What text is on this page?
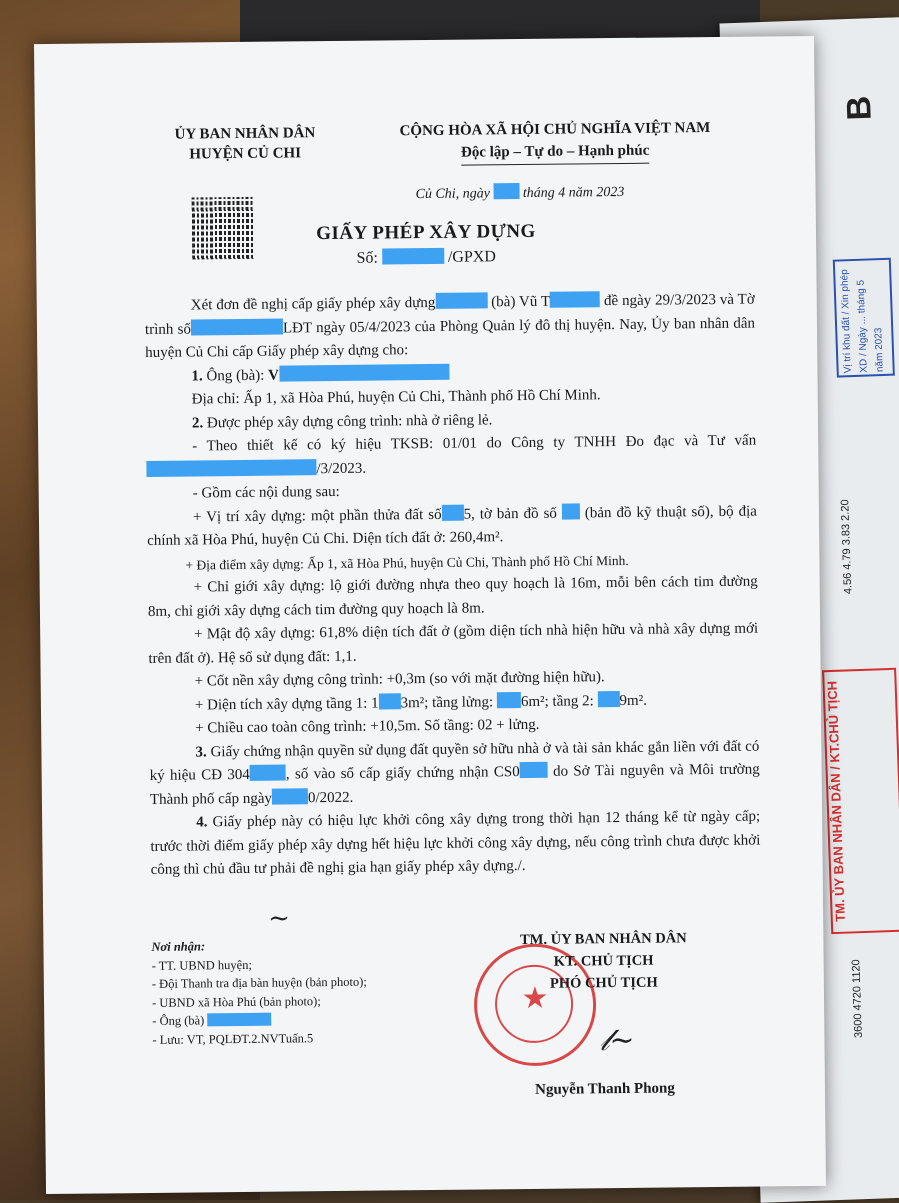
B
Vị trí khu đất / Xin phép XD / Ngày ... tháng 5 năm 2023
4.56 4.79 3.83 2.20
TM. ỦY BAN NHÂN DÂN / KT.CHỦ TỊCH
3600 4720 1120
ỦY BAN NHÂN DÂN
HUYỆN CỦ CHI
CỘNG HÒA XÃ HỘI CHỦ NGHĨA VIỆT NAM
Độc lập – Tự do – Hạnh phúc
Củ Chi, ngày tháng 4 năm 2023
GIẤY PHÉP XÂY DỰNG
Số:	/GPXD

Xét đơn đề nghị cấp giấy phép xây dựng	(bà) Vũ T	đề ngày 29/3/2023 và Tờ trình số	LĐT ngày 05/4/2023 của Phòng Quản lý đô thị huyện. Nay, Ủy ban nhân dân huyện Củ Chi cấp Giấy phép xây dựng cho:

1. Ông (bà): V

Địa chỉ: Ấp 1, xã Hòa Phú, huyện Củ Chi, Thành phố Hồ Chí Minh.

2. Được phép xây dựng công trình: nhà ở riêng lẻ.

- Theo thiết kế có ký hiệu TKSB: 01/01 do Công ty TNHH Đo đạc và Tư vấn/3/2023.

- Gồm các nội dung sau:

+ Vị trí xây dựng: một phần thửa đất số 5, tờ bản đồ số (bản đồ kỹ thuật số), bộ địa chính xã Hòa Phú, huyện Củ Chi. Diện tích đất ở: 260,4m².

+ Địa điểm xây dựng: Ấp 1, xã Hòa Phú, huyện Củ Chi, Thành phố Hồ Chí Minh.

+ Chỉ giới xây dựng: lộ giới đường nhựa theo quy hoạch là 16m, mỗi bên cách tim đường 8m, chỉ giới xây dựng cách tim đường quy hoạch là 8m.

+ Mật độ xây dựng: 61,8% diện tích đất ở (gồm diện tích nhà hiện hữu và nhà xây dựng mới trên đất ở). Hệ số sử dụng đất: 1,1.

+ Cốt nền xây dựng công trình: +0,3m (so với mặt đường hiện hữu).

+ Diện tích xây dựng tầng 1: 1 3m²; tầng lửng: 6m²; tầng 2: 9m².

+ Chiều cao toàn công trình: +10,5m. Số tầng: 02 + lửng.

3. Giấy chứng nhận quyền sử dụng đất quyền sở hữu nhà ở và tài sản khác gắn liền với đất có ký hiệu CĐ 304 , số vào sổ cấp giấy chứng nhận CS0 do Sở Tài nguyên và Môi trường Thành phố cấp ngày 0/2022.

4. Giấy phép này có hiệu lực khởi công xây dựng trong thời hạn 12 tháng kể từ ngày cấp; trước thời điểm giấy phép xây dựng hết hiệu lực khởi công xây dựng, nếu công trình chưa được khởi công thì chủ đầu tư phải đề nghị gia hạn giấy phép xây dựng./.

~
Nơi nhận:
- TT. UBND huyện;
- Đội Thanh tra địa bàn huyện (bản photo);
- UBND xã Hòa Phú (bản photo);
- Ông (bà)
- Lưu: VT, PQLĐT.2.NVTuấn.5
★
TM. ỦY BAN NHÂN DÂN
KT. CHỦ TỊCH
PHÓ CHỦ TỊCH
𝓁~
Nguyễn Thanh Phong
